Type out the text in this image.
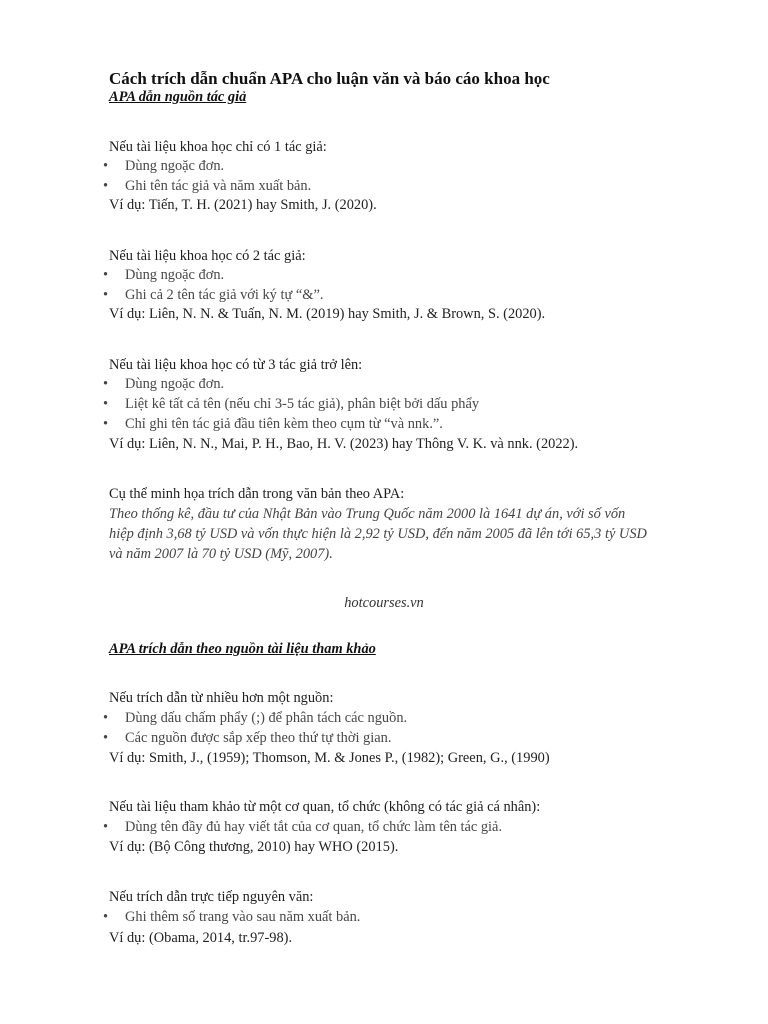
Cách trích dẫn chuẩn APA cho luận văn và báo cáo khoa học
APA dẫn nguồn tác giả
Nếu tài liệu khoa học chỉ có 1 tác giả:
• Dùng ngoặc đơn.
• Ghi tên tác giả và năm xuất bản.
Ví dụ: Tiến, T. H. (2021) hay Smith, J. (2020).
Nếu tài liệu khoa học có 2 tác giả:
• Dùng ngoặc đơn.
• Ghi cả 2 tên tác giả với ký tự “&”.
Ví dụ: Liên, N. N. & Tuấn, N. M. (2019) hay Smith, J. & Brown, S. (2020).
Nếu tài liệu khoa học có từ 3 tác giả trở lên:
• Dùng ngoặc đơn.
• Liệt kê tất cả tên (nếu chỉ 3-5 tác giả), phân biệt bởi dấu phẩy
• Chỉ ghi tên tác giả đầu tiên kèm theo cụm từ “và nnk.”.
Ví dụ: Liên, N. N., Mai, P. H., Bao, H. V. (2023) hay Thông V. K. và nnk. (2022).
Cụ thể minh họa trích dẫn trong văn bản theo APA:
Theo thống kê, đầu tư của Nhật Bản vào Trung Quốc năm 2000 là 1641 dự án, với số vốn
hiệp định 3,68 tỷ USD và vốn thực hiện là 2,92 tỷ USD, đến năm 2005 đã lên tới 65,3 tỷ USD
và năm 2007 là 70 tỷ USD (Mỹ, 2007).
hotcourses.vn
APA trích dẫn theo nguồn tài liệu tham khảo
Nếu trích dẫn từ nhiều hơn một nguồn:
• Dùng dấu chấm phẩy (;) để phân tách các nguồn.
• Các nguồn được sắp xếp theo thứ tự thời gian.
Ví dụ: Smith, J., (1959); Thomson, M. & Jones P., (1982); Green, G., (1990)
Nếu tài liệu tham khảo từ một cơ quan, tổ chức (không có tác giả cá nhân):
• Dùng tên đầy đủ hay viết tắt của cơ quan, tổ chức làm tên tác giả.
Ví dụ: (Bộ Công thương, 2010) hay WHO (2015).
Nếu trích dẫn trực tiếp nguyên văn:
• Ghi thêm số trang vào sau năm xuất bản.
Ví dụ: (Obama, 2014, tr.97-98).
